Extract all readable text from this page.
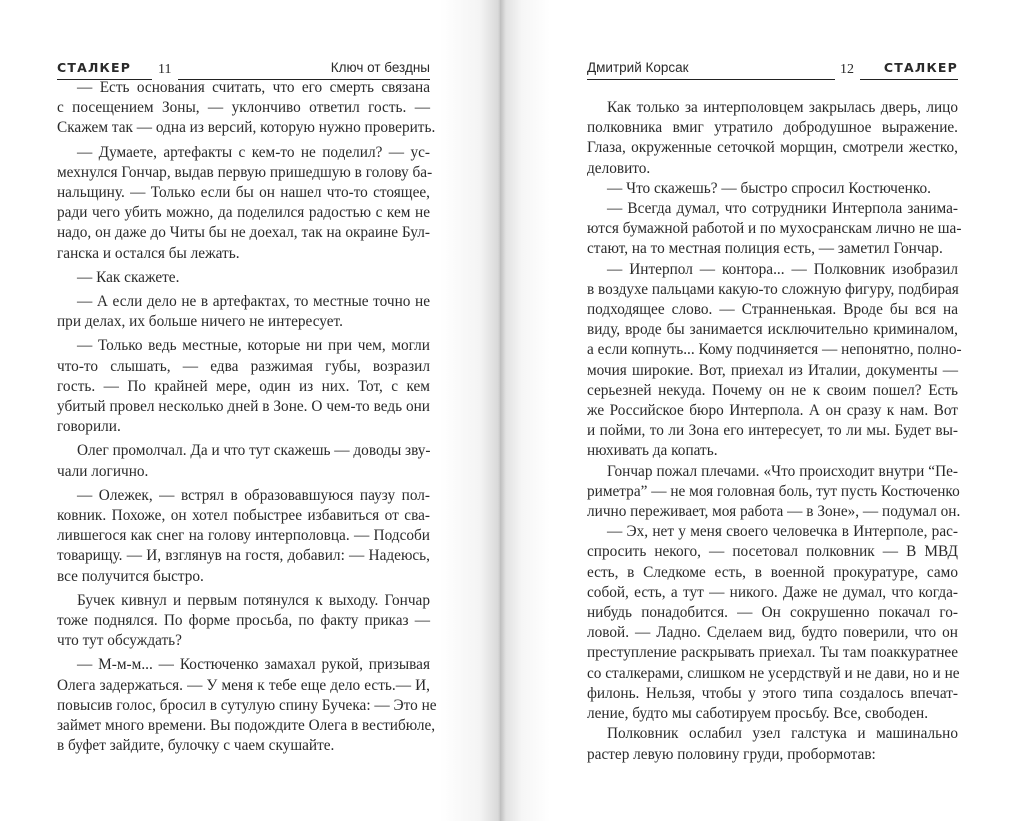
СТАЛКЕР	11	Ключ от бездны
— Есть основания считать, что его смерть связана
с посещением Зоны, — уклончиво ответил гость. —
Скажем так — одна из версий, которую нужно проверить.
— Думаете, артефакты с кем-то не поделил? — ус-
мехнулся Гончар, выдав первую пришедшую в голову ба-
нальщину. — Только если бы он нашел что-то стоящее,
ради чего убить можно, да поделился радостью с кем не
надо, он даже до Читы бы не доехал, так на окраине Бул-
ганска и остался бы лежать.
— Как скажете.
— А если дело не в артефактах, то местные точно не
при делах, их больше ничего не интересует.
— Только ведь местные, которые ни при чем, могли
что-то слышать, — едва разжимая губы, возразил
гость. — По крайней мере, один из них. Тот, с кем
убитый провел несколько дней в Зоне. О чем-то ведь они
говорили.
Олег промолчал. Да и что тут скажешь — доводы зву-
чали логично.
— Олежек, — встрял в образовавшуюся паузу пол-
ковник. Похоже, он хотел побыстрее избавиться от сва-
лившегося как снег на голову интерполовца. — Подсоби
товарищу. — И, взглянув на гостя, добавил: — Надеюсь,
все получится быстро.
Бучек кивнул и первым потянулся к выходу. Гончар
тоже поднялся. По форме просьба, по факту приказ —
что тут обсуждать?
— М-м-м... — Костюченко замахал рукой, призывая
Олега задержаться. — У меня к тебе еще дело есть.— И,
повысив голос, бросил в сутулую спину Бучека: — Это не
займет много времени. Вы подождите Олега в вестибюле,
в буфет зайдите, булочку с чаем скушайте.
Дмитрий Корсак	12	СТАЛКЕР
Как только за интерполовцем закрылась дверь, лицо
полковника вмиг утратило добродушное выражение.
Глаза, окруженные сеточкой морщин, смотрели жестко,
деловито.
— Что скажешь? — быстро спросил Костюченко.
— Всегда думал, что сотрудники Интерпола занима-
ются бумажной работой и по мухосранскам лично не ша-
стают, на то местная полиция есть, — заметил Гончар.
— Интерпол — контора... — Полковник изобразил
в воздухе пальцами какую-то сложную фигуру, подбирая
подходящее слово. — Странненькая. Вроде бы вся на
виду, вроде бы занимается исключительно криминалом,
а если копнуть... Кому подчиняется — непонятно, полно-
мочия широкие. Вот, приехал из Италии, документы —
серьезней некуда. Почему он не к своим пошел? Есть
же Российское бюро Интерпола. А он сразу к нам. Вот
и пойми, то ли Зона его интересует, то ли мы. Будет вы-
нюхивать да копать.
Гончар пожал плечами. «Что происходит внутри “Пе-
риметра” — не моя головная боль, тут пусть Костюченко
лично переживает, моя работа — в Зоне», — подумал он.
— Эх, нет у меня своего человечка в Интерполе, рас-
спросить некого, — посетовал полковник — В МВД
есть, в Следкоме есть, в военной прокуратуре, само
собой, есть, а тут — никого. Даже не думал, что когда-
нибудь понадобится. — Он сокрушенно покачал го-
ловой. — Ладно. Сделаем вид, будто поверили, что он
преступление раскрывать приехал. Ты там поаккуратнее
со сталкерами, слишком не усердствуй и не дави, но и не
филонь. Нельзя, чтобы у этого типа создалось впечат-
ление, будто мы саботируем просьбу. Все, свободен.
Полковник ослабил узел галстука и машинально
растер левую половину груди, пробормотав:
